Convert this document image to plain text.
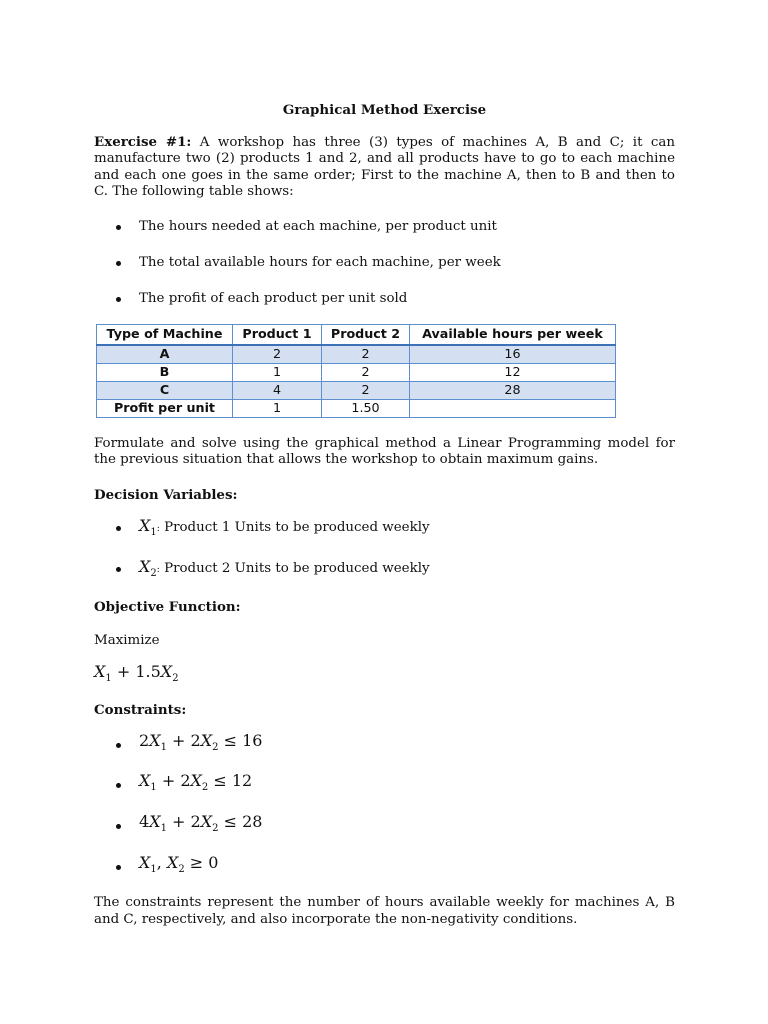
Graphical Method Exercise

Exercise #1: A workshop has three (3) types of machines A, B and C; it can manufacture two (2) products 1 and 2, and all products have to go to each machine and each one goes in the same order; First to the machine A, then to B and then to C. The following table shows:

The hours needed at each machine, per product unit
The total available hours for each machine, per week
The profit of each product per unit sold
Type of Machine	Product 1	Product 2	Available hours per week
A	2	2	16
B	1	2	12
C	4	2	28
Profit per unit	1	1.50	

Formulate and solve using the graphical method a Linear Programming model for the previous situation that allows the workshop to obtain maximum gains.

Decision Variables:

$X_1$: Product 1 Units to be produced weekly
$X_2$: Product 2 Units to be produced weekly

Objective Function:

Maximize

$X_1 + 1.5X_2$

Constraints:

$2X_1 + 2X_2 \le 16$
$X_1 + 2X_2 \le 12$
$4X_1 + 2X_2 \le 28$
$X_1$, $X_2 \ge 0$

The constraints represent the number of hours available weekly for machines A, B and C, respectively, and also incorporate the non-negativity conditions.
